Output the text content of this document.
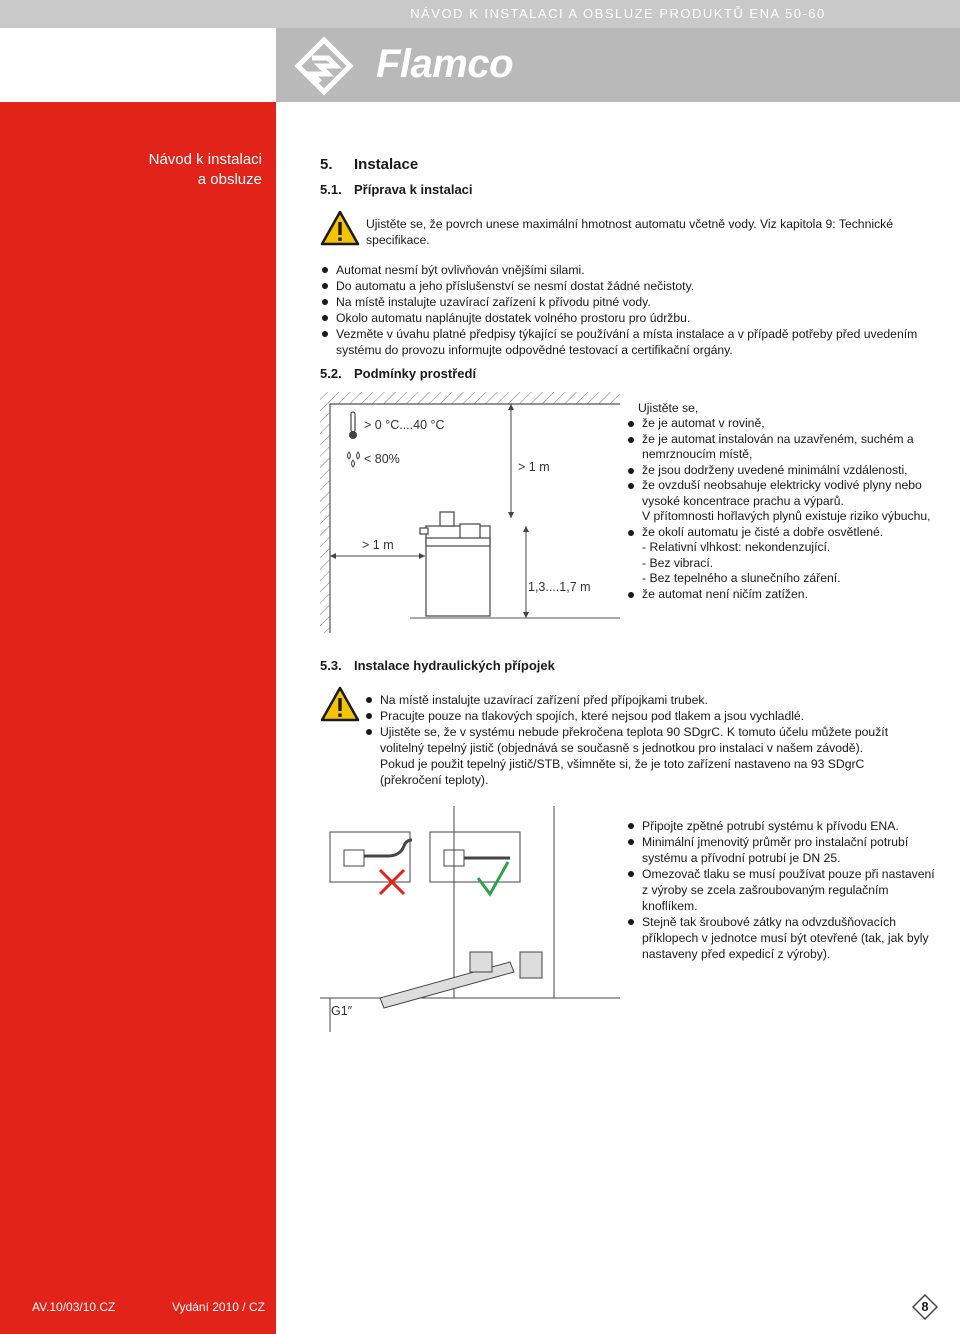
NÁVOD K INSTALACI A OBSLUZE PRODUKTŮ ENA 50-60
Flamco
Návod k instalaci
a obsluze
AV.10/03/10.CZ	Vydání 2010 / CZ
5. Instalace
5.1. Příprava k instalaci
Ujistěte se, že povrch unese maximální hmotnost automatu včetně vody. Viz kapitola 9: Technické specifikace.
Automat nesmí být ovlivňován vnějšími silami.
Do automatu a jeho příslušenství se nesmí dostat žádné nečistoty.
Na místě instalujte uzavírací zařízení k přívodu pitné vody.
Okolo automatu naplánujte dostatek volného prostoru pro údržbu.
Vezměte v úvahu platné předpisy týkající se používání a místa instalace a v případě potřeby před uvedením systému do provozu informujte odpovědné testovací a certifikační orgány.
5.2. Podmínky prostředí
> 0 °C....40 °C
< 80%
> 1 m
> 1 m
1,3....1,7 m
Ujistěte se,
že je automat v rovině,
že je automat instalován na uzavřeném, suchém a nemrznoucím místě,
že jsou dodrženy uvedené minimální vzdálenosti,
že ovzduší neobsahuje elektricky vodivé plyny nebo vysoké koncentrace prachu a výparů.
V přítomnosti hořlavých plynů existuje riziko výbuchu,
že okolí automatu je čisté a dobře osvětlené.
- Relativní vlhkost: nekondenzující.
- Bez vibrací.
- Bez tepelného a slunečního záření.
že automat není ničím zatížen.
5.3. Instalace hydraulických přípojek
Na místě instalujte uzavírací zařízení před přípojkami trubek.
Pracujte pouze na tlakových spojích, které nejsou pod tlakem a jsou vychladlé.
Ujistěte se, že v systému nebude překročena teplota 90 SDgrC. K tomuto účelu můžete použít volitelný tepelný jistič (objednává se současně s jednotkou pro instalaci v našem závodě).
Pokud je použit tepelný jistič/STB, všimněte si, že je toto zařízení nastaveno na 93 SDgrC (překročení teploty).
G1″
Připojte zpětné potrubí systému k přívodu ENA.
Minimální jmenovitý průměr pro instalační potrubí systému a přívodní potrubí je DN 25.
Omezovač tlaku se musí používat pouze při nastavení z výroby se zcela zašroubovaným regulačním knoflíkem.
Stejně tak šroubové zátky na odvzdušňovacích příklopech v jednotce musí být otevřené (tak, jak byly nastaveny před expedicí z výroby).
8
